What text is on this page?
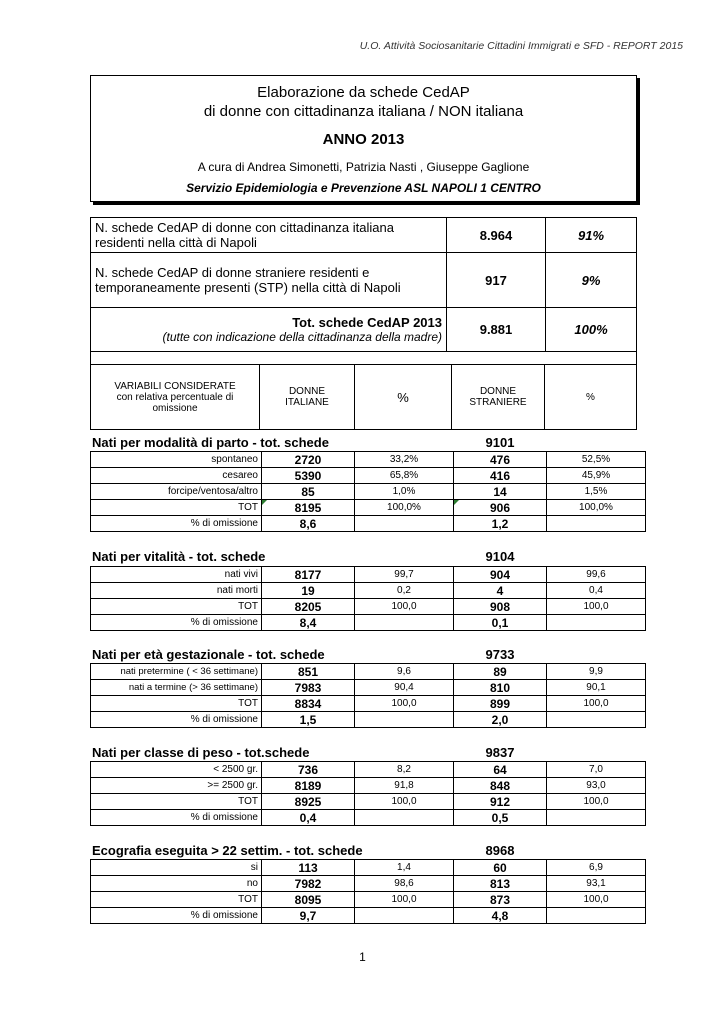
U.O. Attività Sociosanitarie Cittadini Immigrati e SFD - REPORT 2015
Elaborazione da schede CedAP
di donne con cittadinanza italiana / NON italiana
ANNO 2013
A cura di Andrea Simonetti, Patrizia Nasti , Giuseppe Gaglione
Servizio Epidemiologia e Prevenzione ASL NAPOLI 1 CENTRO
N. schede CedAP di donne con cittadinanza italiana
residenti nella città di Napoli	8.964	91%

N. schede CedAP di donne straniere residenti e
temporaneamente presenti (STP) nella città di Napoli	917	9%

Tot. schede CedAP 2013
(tutte con indicazione della cittadinanza della madre)	9.881	100%

VARIABILI CONSIDERATE
con relativa percentuale di
omissione

DONNE
ITALIANE	%	DONNE
STRANIERE	%
Nati per modalità di parto - tot. schede	9101
spontaneo	2720	33,2%	476	52,5%
cesareo	5390	65,8%	416	45,9%
forcipe/ventosa/altro	85	1,0%	14	1,5%
TOT	8195	100,0%	906	100,0%
% di omissione	8,6		1,2	
Nati per vitalità - tot. schede	9104
nati vivi	8177	99,7	904	99,6
nati morti	19	0,2	4	0,4
TOT	8205	100,0	908	100,0
% di omissione	8,4		0,1	
Nati per età gestazionale - tot. schede	9733
nati pretermine ( < 36 settimane)	851	9,6	89	9,9
nati a termine (> 36 settimane)	7983	90,4	810	90,1
TOT	8834	100,0	899	100,0
% di omissione	1,5		2,0	
Nati per classe di peso - tot.schede	9837
< 2500 gr.	736	8,2	64	7,0
>= 2500 gr.	8189	91,8	848	93,0
TOT	8925	100,0	912	100,0
% di omissione	0,4		0,5	
Ecografia eseguita > 22 settim. - tot. schede	8968
si	113	1,4	60	6,9
no	7982	98,6	813	93,1
TOT	8095	100,0	873	100,0
% di omissione	9,7		4,8	
1
